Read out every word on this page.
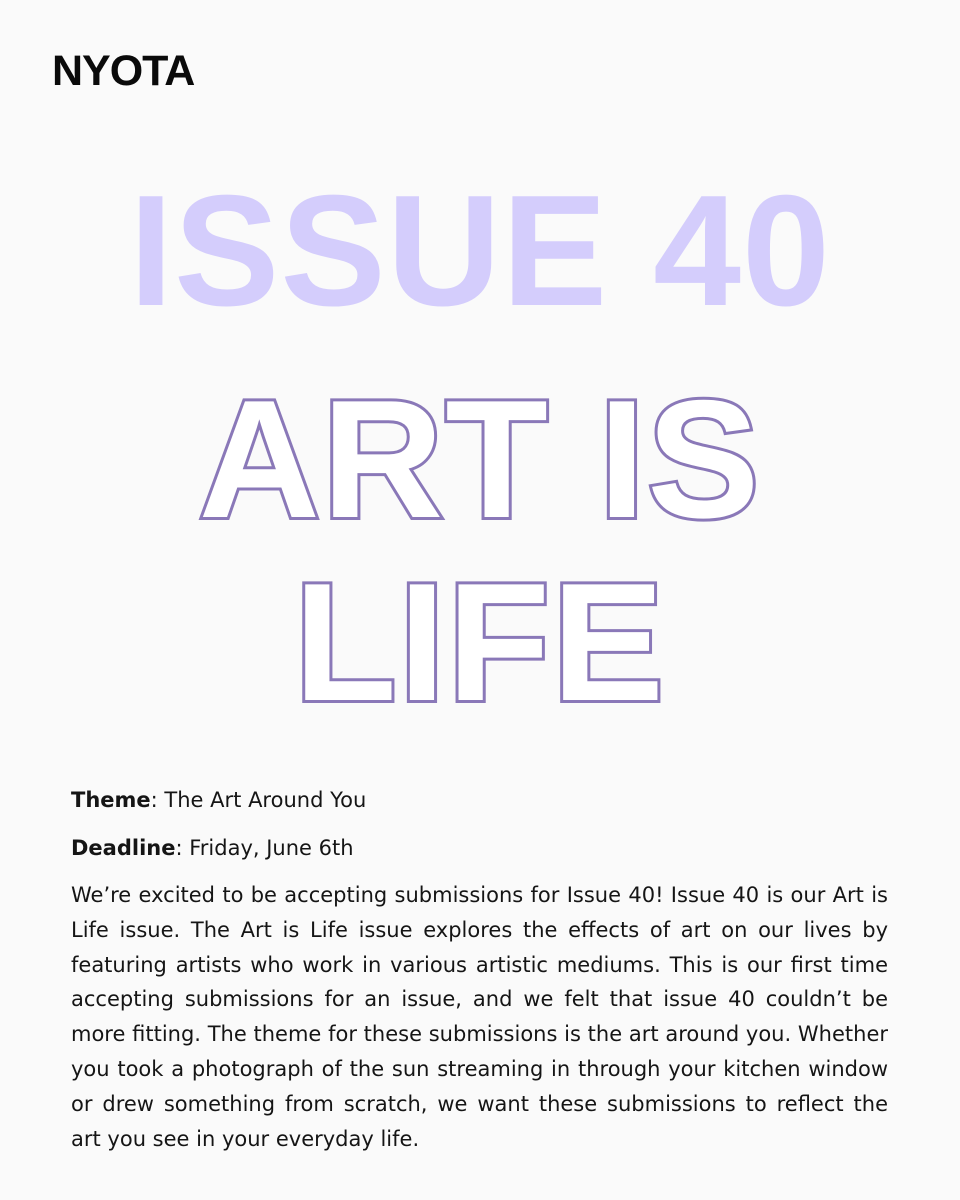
NYOTA
ISSUE 40
ART IS
LIFE
Theme: The Art Around You
Deadline: Friday, June 6th

We’re excited to be accepting submissions for Issue 40! Issue 40 is our Art is Life issue. The Art is Life issue explores the effects of art on our lives by featuring artists who work in various artistic mediums. This is our first time accepting submissions for an issue, and we felt that issue 40 couldn’t be more fitting. The theme for these submissions is the art around you. Whether you took a photograph of the sun streaming in through your kitchen window or drew something from scratch, we want these submissions to reflect the art you see in your everyday life.
